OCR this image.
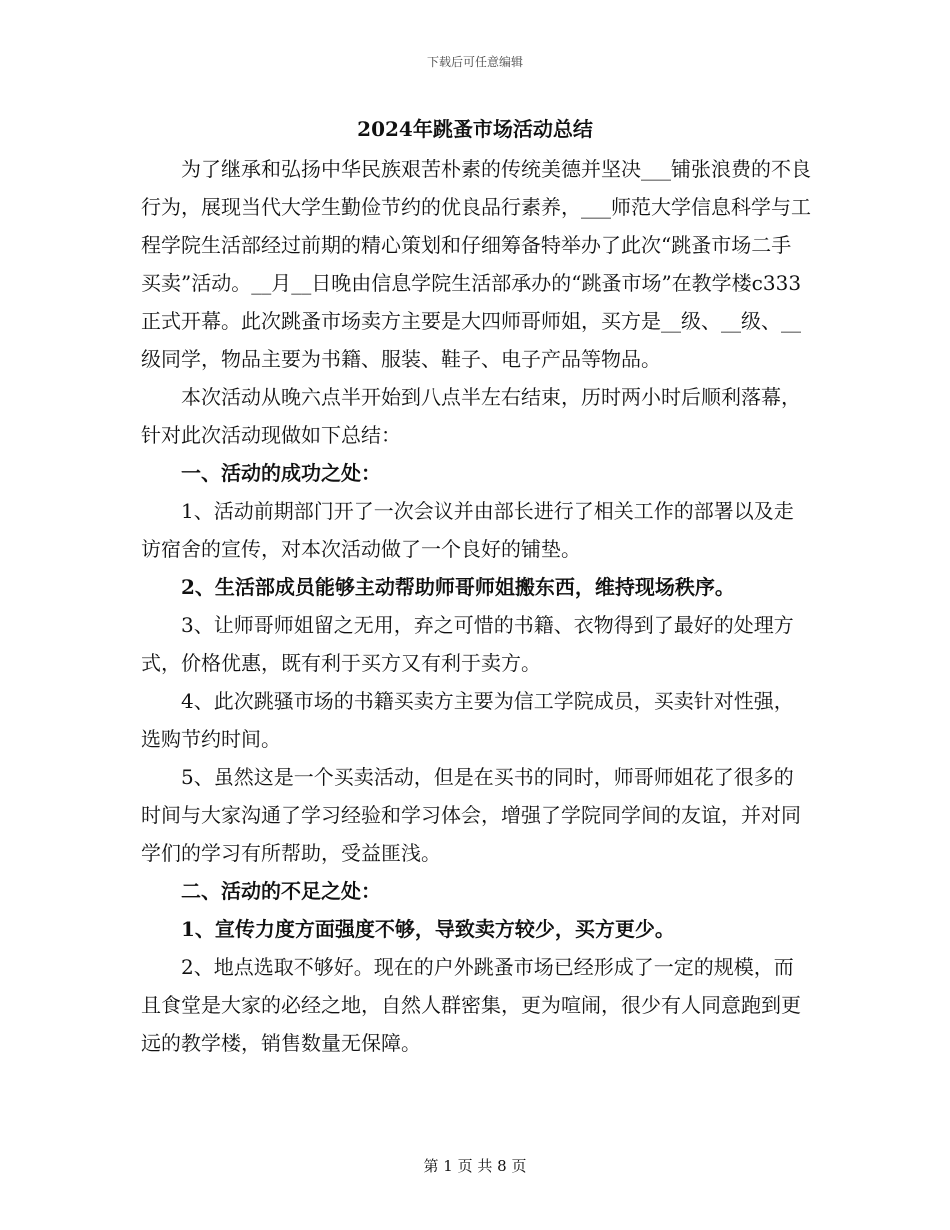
下载后可任意编辑
2024年跳蚤市场活动总结

为了继承和弘扬中华民族艰苦朴素的传统美德并坚决___铺张浪费的不良行为，展现当代大学生勤俭节约的优良品行素养，___师范大学信息科学与工程学院生活部经过前期的精心策划和仔细筹备特举办了此次“跳蚤市场二手买卖”活动。__月__日晚由信息学院生活部承办的“跳蚤市场”在教学楼c333正式开幕。此次跳蚤市场卖方主要是大四师哥师姐，买方是__级、__级、__级同学，物品主要为书籍、服装、鞋子、电子产品等物品。

本次活动从晚六点半开始到八点半左右结束，历时两小时后顺利落幕，针对此次活动现做如下总结：

一、活动的成功之处：

1、活动前期部门开了一次会议并由部长进行了相关工作的部署以及走访宿舍的宣传，对本次活动做了一个良好的铺垫。

2、生活部成员能够主动帮助师哥师姐搬东西，维持现场秩序。

3、让师哥师姐留之无用，弃之可惜的书籍、衣物得到了最好的处理方式，价格优惠，既有利于买方又有利于卖方。

4、此次跳骚市场的书籍买卖方主要为信工学院成员，买卖针对性强，选购节约时间。

5、虽然这是一个买卖活动，但是在买书的同时，师哥师姐花了很多的时间与大家沟通了学习经验和学习体会，增强了学院同学间的友谊，并对同学们的学习有所帮助，受益匪浅。

二、活动的不足之处：

1、宣传力度方面强度不够，导致卖方较少，买方更少。

2、地点选取不够好。现在的户外跳蚤市场已经形成了一定的规模，而且食堂是大家的必经之地，自然人群密集，更为喧闹，很少有人同意跑到更远的教学楼，销售数量无保障。

第 1 页 共 8 页
